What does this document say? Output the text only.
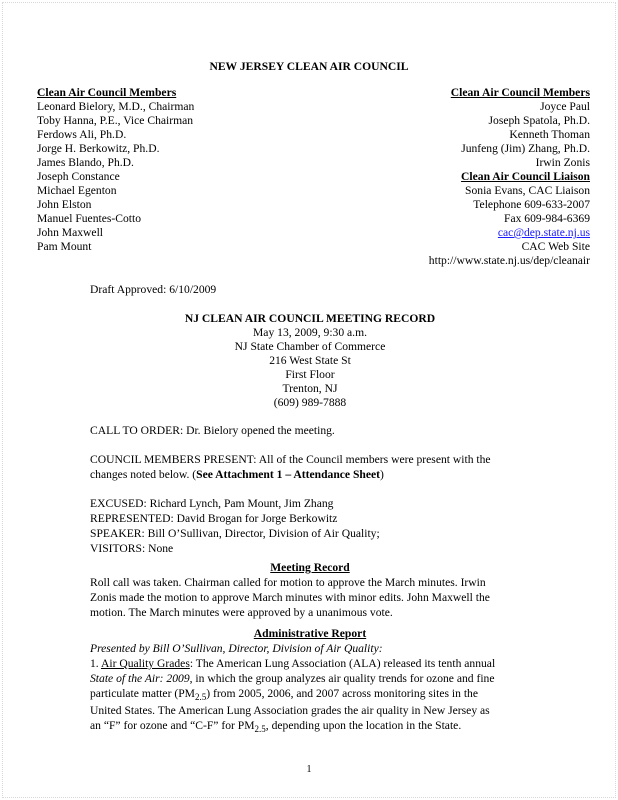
NEW JERSEY CLEAN AIR COUNCIL
Clean Air Council Members
Leonard Bielory, M.D., Chairman
Toby Hanna, P.E., Vice Chairman
Ferdows Ali, Ph.D.
Jorge H. Berkowitz, Ph.D.
James Blando, Ph.D.
Joseph Constance
Michael Egenton
John Elston
Manuel Fuentes-Cotto
John Maxwell
Pam Mount
Clean Air Council Members
Joyce Paul
Joseph Spatola, Ph.D.
Kenneth Thoman
Junfeng (Jim) Zhang, Ph.D.
Irwin Zonis
Clean Air Council Liaison
Sonia Evans, CAC Liaison
Telephone 609-633-2007
Fax 609-984-6369
cac@dep.state.nj.us
CAC Web Site
http://www.state.nj.us/dep/cleanair
Draft Approved: 6/10/2009
NJ CLEAN AIR COUNCIL MEETING RECORD
May 13, 2009, 9:30 a.m.
NJ State Chamber of Commerce
216 West State St
First Floor
Trenton, NJ
(609) 989-7888
CALL TO ORDER: Dr. Bielory opened the meeting.
COUNCIL MEMBERS PRESENT: All of the Council members were present with the
changes noted below. (See Attachment 1 – Attendance Sheet)
EXCUSED: Richard Lynch, Pam Mount, Jim Zhang
REPRESENTED: David Brogan for Jorge Berkowitz
SPEAKER: Bill O’Sullivan, Director, Division of Air Quality;
VISITORS: None
Meeting Record
Roll call was taken. Chairman called for motion to approve the March minutes. Irwin
Zonis made the motion to approve March minutes with minor edits. John Maxwell the
motion. The March minutes were approved by a unanimous vote.
Administrative Report
Presented by Bill O’Sullivan, Director, Division of Air Quality:
1. Air Quality Grades: The American Lung Association (ALA) released its tenth annual
State of the Air: 2009, in which the group analyzes air quality trends for ozone and fine
particulate matter $(PM_{2.5})$ from 2005, 2006, and 2007 across monitoring sites in the
United States. The American Lung Association grades the air quality in New Jersey as
an “F” for ozone and “C-F” for $PM_{2.5}$, depending upon the location in the State.
1
